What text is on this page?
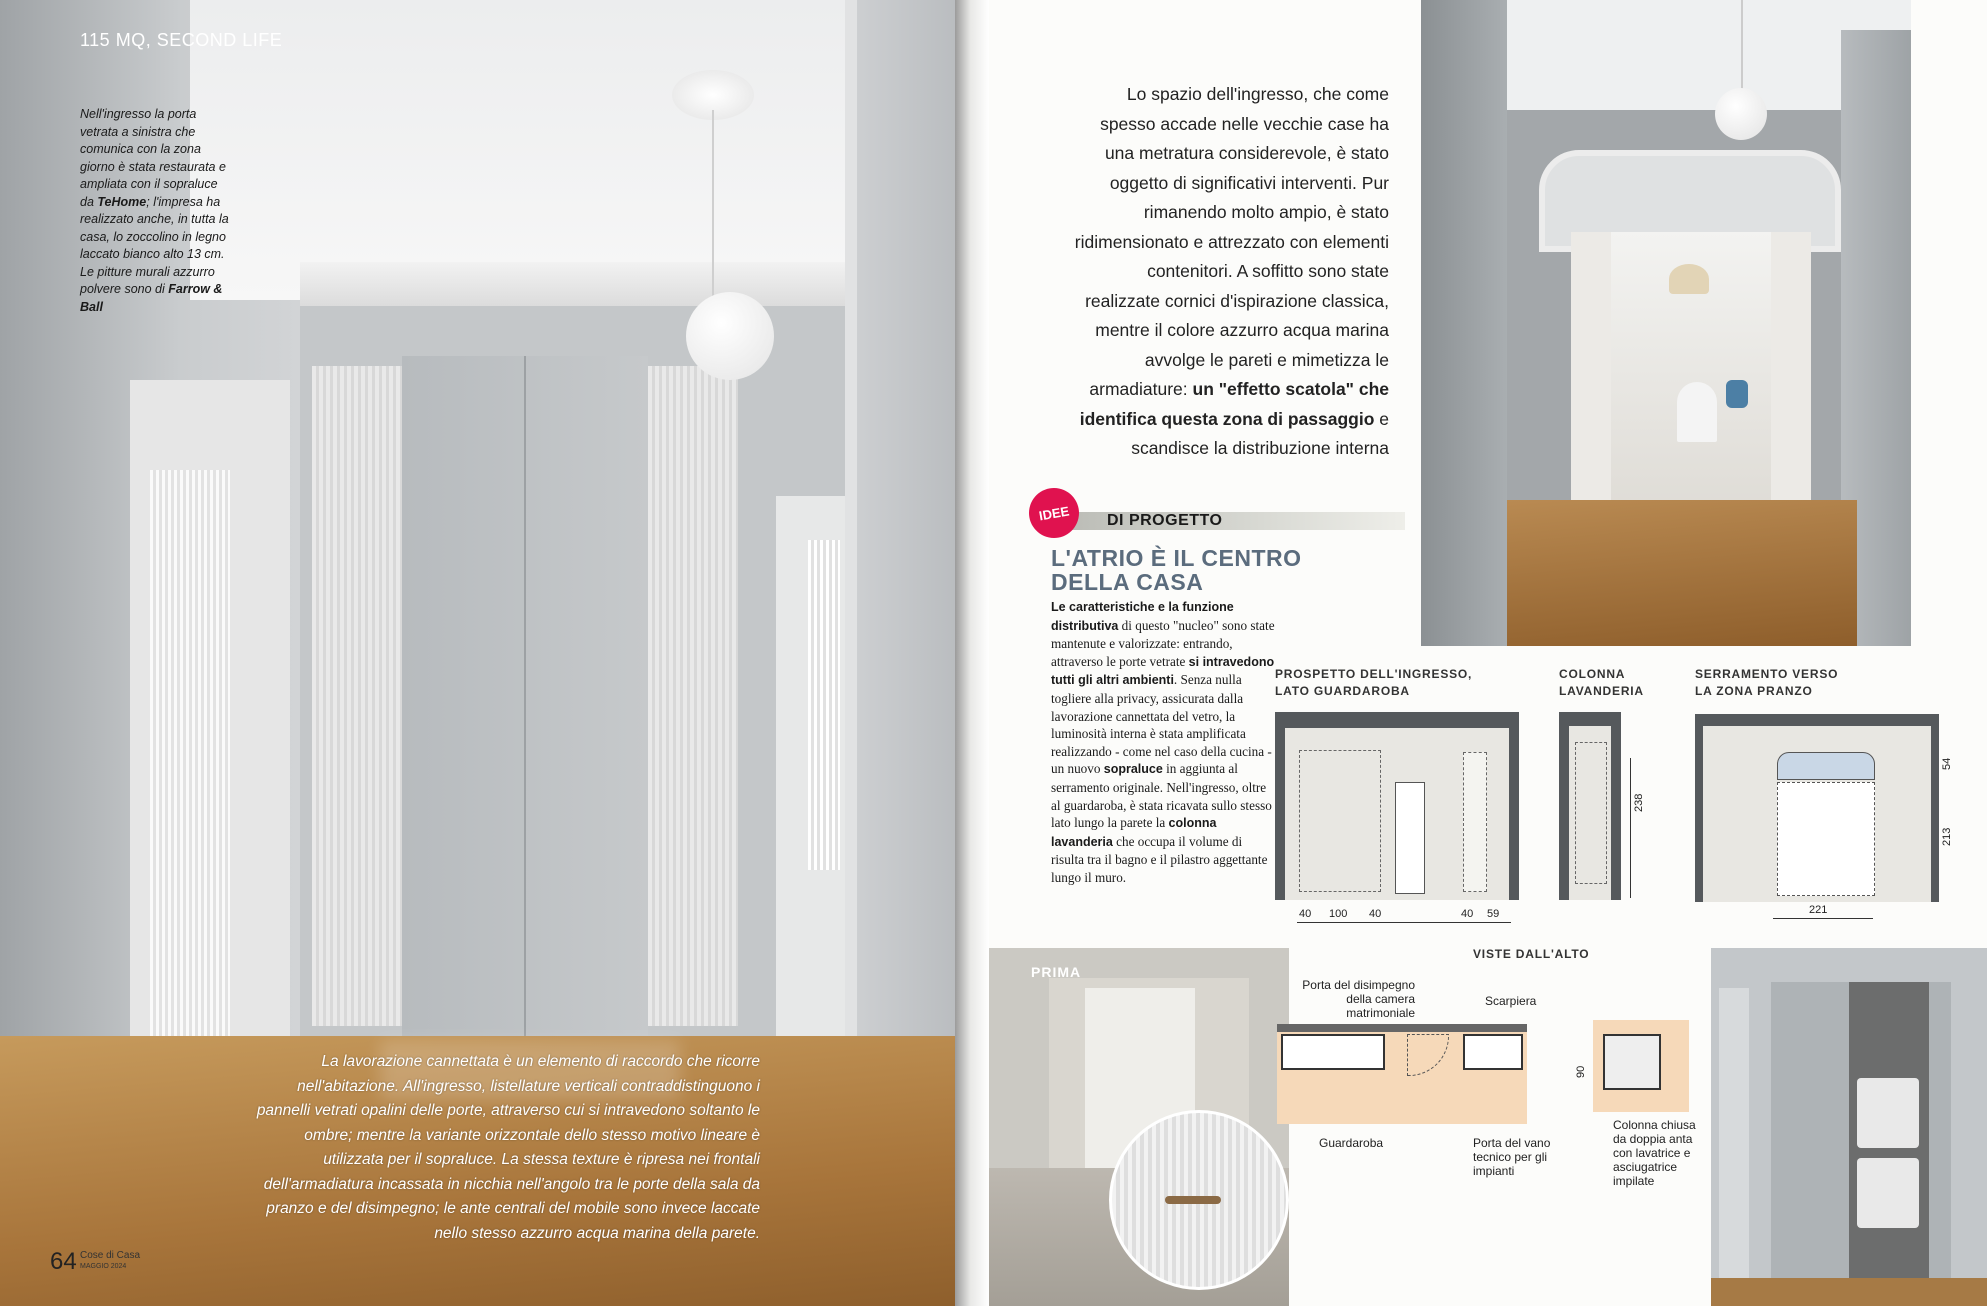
115 MQ, SECOND LIFE
Nell'ingresso la porta vetrata a sinistra che comunica con la zona giorno è stata restaurata e ampliata con il sopraluce da TeHome; l'impresa ha realizzato anche, in tutta la casa, lo zoccolino in legno laccato bianco alto 13 cm. Le pitture murali azzurro polvere sono di Farrow & Ball
La lavorazione cannettata è un elemento di raccordo che ricorre nell'abitazione. All'ingresso, listellature verticali contraddistinguono i pannelli vetrati opalini delle porte, attraverso cui si intravedono soltanto le ombre; mentre la variante orizzontale dello stesso motivo lineare è utilizzata per il sopraluce. La stessa texture è ripresa nei frontali dell'armadiatura incassata in nicchia nell'angolo tra le porte della sala da pranzo e del disimpegno; le ante centrali del mobile sono invece laccate nello stesso azzurro acqua marina della parete.
64 Cose di Casa
MAGGIO 2024
Lo spazio dell'ingresso, che come spesso accade nelle vecchie case ha una metratura considerevole, è stato oggetto di significativi interventi. Pur rimanendo molto ampio, è stato ridimensionato e attrezzato con elementi contenitori. A soffitto sono state realizzate cornici d'ispirazione classica, mentre il colore azzurro acqua marina avvolge le pareti e mimetizza le armadiature: un "effetto scatola" che identifica questa zona di passaggio e scandisce la distribuzione interna
IDEE	DI PROGETTO
L'ATRIO È IL CENTRO DELLA CASA
Le caratteristiche e la funzione distributiva di questo "nucleo" sono state mantenute e valorizzate: entrando, attraverso le porte vetrate si intravedono tutti gli altri ambienti. Senza nulla togliere alla privacy, assicurata dalla lavorazione cannettata del vetro, la luminosità interna è stata amplificata realizzando - come nel caso della cucina - un nuovo sopraluce in aggiunta al serramento originale. Nell'ingresso, oltre al guardaroba, è stata ricavata sullo stesso lato lungo la parete la colonna lavanderia che occupa il volume di risulta tra il bagno e il pilastro aggettante lungo il muro.
PROSPETTO DELL'INGRESSO, LATO GUARDAROBA
40 100 40	40 59
COLONNA LAVANDERIA
238
SERRAMENTO VERSO LA ZONA PRANZO
54
213
221
PRIMA
VISTE DALL'ALTO
Porta del disimpegno della camera matrimoniale
Scarpiera
Guardaroba	Porta del vano tecnico per gli impianti
90
Colonna chiusa da doppia anta con lavatrice e asciugatrice impilate
